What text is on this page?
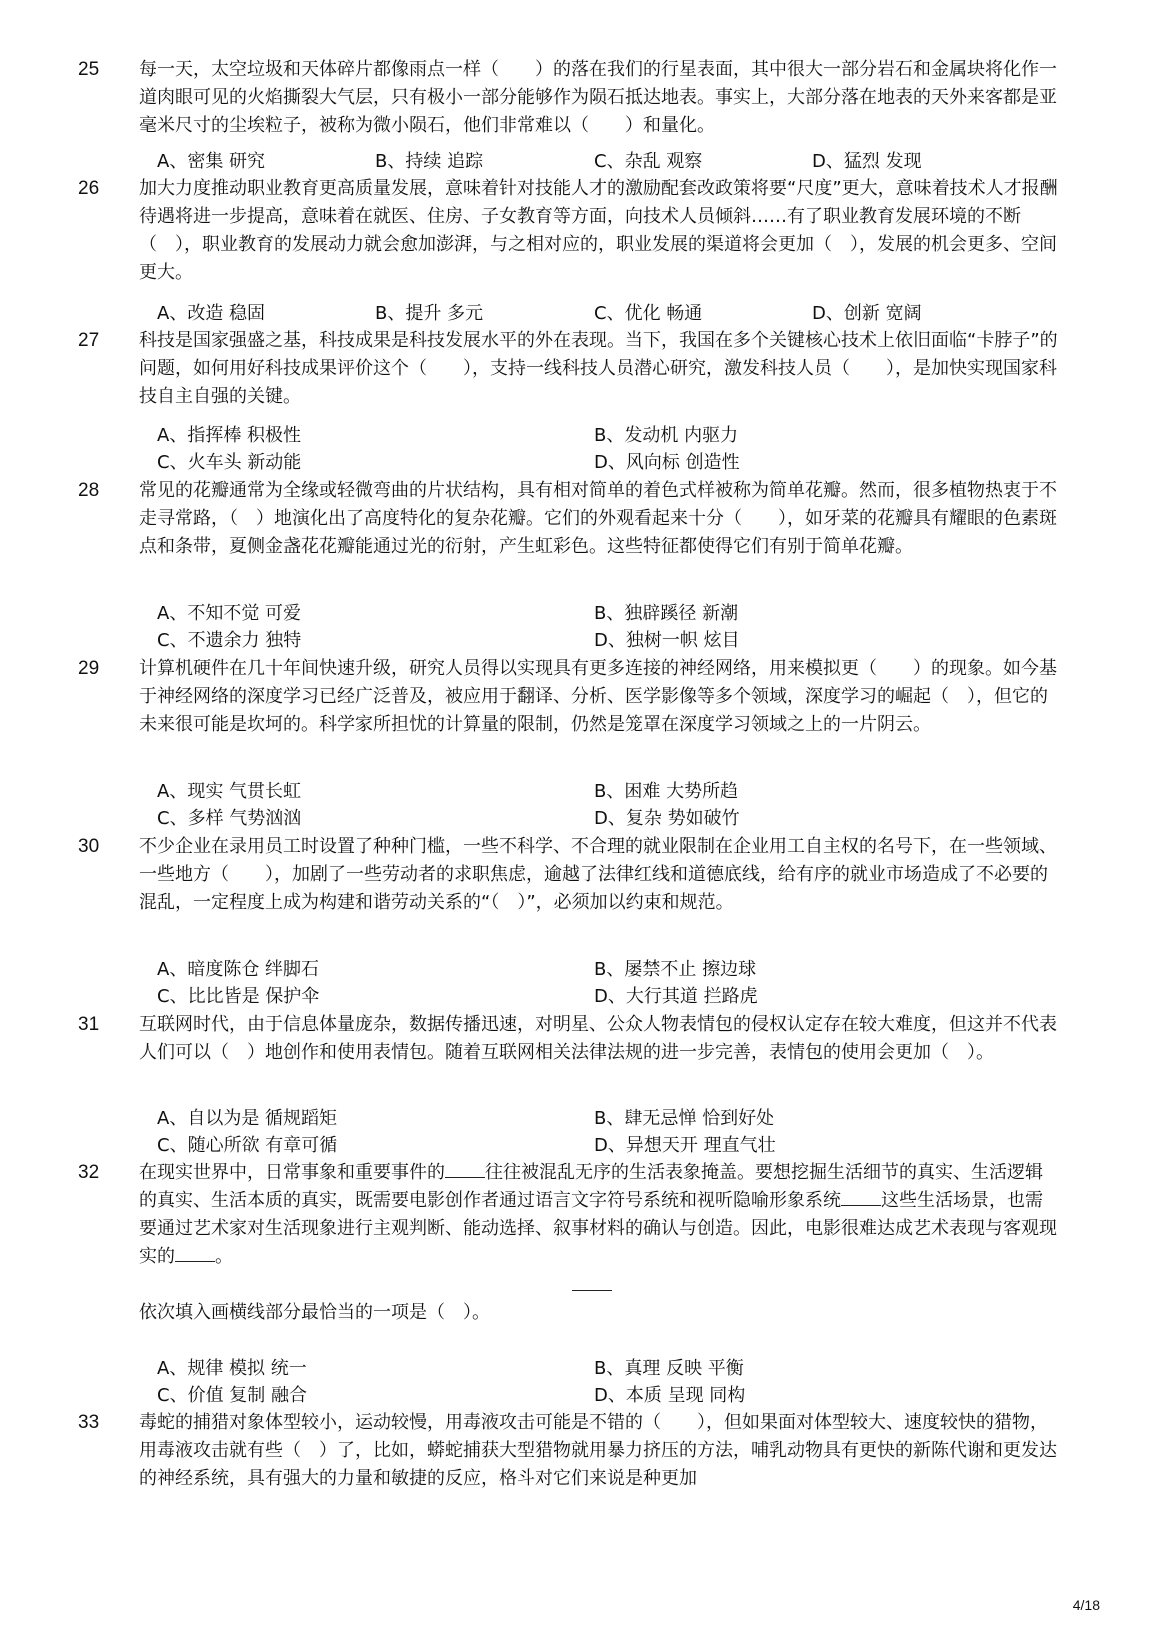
25 每一天，太空垃圾和天体碎片都像雨点一样（　　）的落在我们的行星表面，其中很大一部分岩石和金属块将化作一道肉眼可见的火焰撕裂大气层，只有极小一部分能够作为陨石抵达地表。事实上，大部分落在地表的天外来客都是亚毫米尺寸的尘埃粒子，被称为微小陨石，他们非常难以（　　）和量化。
A、密集 研究	B、持续 追踪	C、杂乱 观察	D、猛烈 发现
26 加大力度推动职业教育更高质量发展，意味着针对技能人才的激励配套改政策将要“尺度”更大，意味着技术人才报酬待遇将进一步提高，意味着在就医、住房、子女教育等方面，向技术人员倾斜……有了职业教育发展环境的不断（　），职业教育的发展动力就会愈加澎湃，与之相对应的，职业发展的渠道将会更加（　），发展的机会更多、空间更大。
A、改造 稳固	B、提升 多元	C、优化 畅通	D、创新 宽阔
27 科技是国家强盛之基，科技成果是科技发展水平的外在表现。当下，我国在多个关键核心技术上依旧面临“卡脖子”的问题，如何用好科技成果评价这个（　　），支持一线科技人员潜心研究，激发科技人员（　　），是加快实现国家科技自主自强的关键。
A、指挥棒 积极性	B、发动机 内驱力
C、火车头 新动能	D、风向标 创造性
28 常见的花瓣通常为全缘或轻微弯曲的片状结构，具有相对简单的着色式样被称为简单花瓣。然而，很多植物热衷于不走寻常路，（　）地演化出了高度特化的复杂花瓣。它们的外观看起来十分（　　），如牙菜的花瓣具有耀眼的色素斑点和条带，夏侧金盏花花瓣能通过光的衍射，产生虹彩色。这些特征都使得它们有别于简单花瓣。
A、不知不觉 可爱	B、独辟蹊径 新潮
C、不遗余力 独特	D、独树一帜 炫目
29 计算机硬件在几十年间快速升级，研究人员得以实现具有更多连接的神经网络，用来模拟更（　　）的现象。如今基于神经网络的深度学习已经广泛普及，被应用于翻译、分析、医学影像等多个领域，深度学习的崛起（　），但它的未来很可能是坎坷的。科学家所担忧的计算量的限制，仍然是笼罩在深度学习领域之上的一片阴云。
A、现实 气贯长虹	B、困难 大势所趋
C、多样 气势汹汹	D、复杂 势如破竹
30 不少企业在录用员工时设置了种种门槛，一些不科学、不合理的就业限制在企业用工自主权的名号下，在一些领域、一些地方（　　），加剧了一些劳动者的求职焦虑，逾越了法律红线和道德底线，给有序的就业市场造成了不必要的混乱，一定程度上成为构建和谐劳动关系的“（　）”，必须加以约束和规范。
A、暗度陈仓 绊脚石	B、屡禁不止 擦边球
C、比比皆是 保护伞	D、大行其道 拦路虎
31 互联网时代，由于信息体量庞杂，数据传播迅速，对明星、公众人物表情包的侵权认定存在较大难度，但这并不代表人们可以（　）地创作和使用表情包。随着互联网相关法律法规的进一步完善，表情包的使用会更加（　）。
A、自以为是 循规蹈矩	B、肆无忌惮 恰到好处
C、随心所欲 有章可循	D、异想天开 理直气壮
32 在现实世界中，日常事象和重要事件的 往往被混乱无序的生活表象掩盖。要想挖掘生活细节的真实、生活逻辑的真实、生活本质的真实，既需要电影创作者通过语言文字符号系统和视听隐喻形象系统 这些生活场景，也需要通过艺术家对生活现象进行主观判断、能动选择、叙事材料的确认与创造。因此，电影很难达成艺术表现与客观现实的 。
依次填入画横线部分最恰当的一项是（　）。
A、规律 模拟 统一	B、真理 反映 平衡
C、价值 复制 融合	D、本质 呈现 同构
33 毒蛇的捕猎对象体型较小，运动较慢，用毒液攻击可能是不错的（　　），但如果面对体型较大、速度较快的猎物，用毒液攻击就有些（　）了，比如，蟒蛇捕获大型猎物就用暴力挤压的方法，哺乳动物具有更快的新陈代谢和更发达的神经系统，具有强大的力量和敏捷的反应，格斗对它们来说是种更加
4/18
